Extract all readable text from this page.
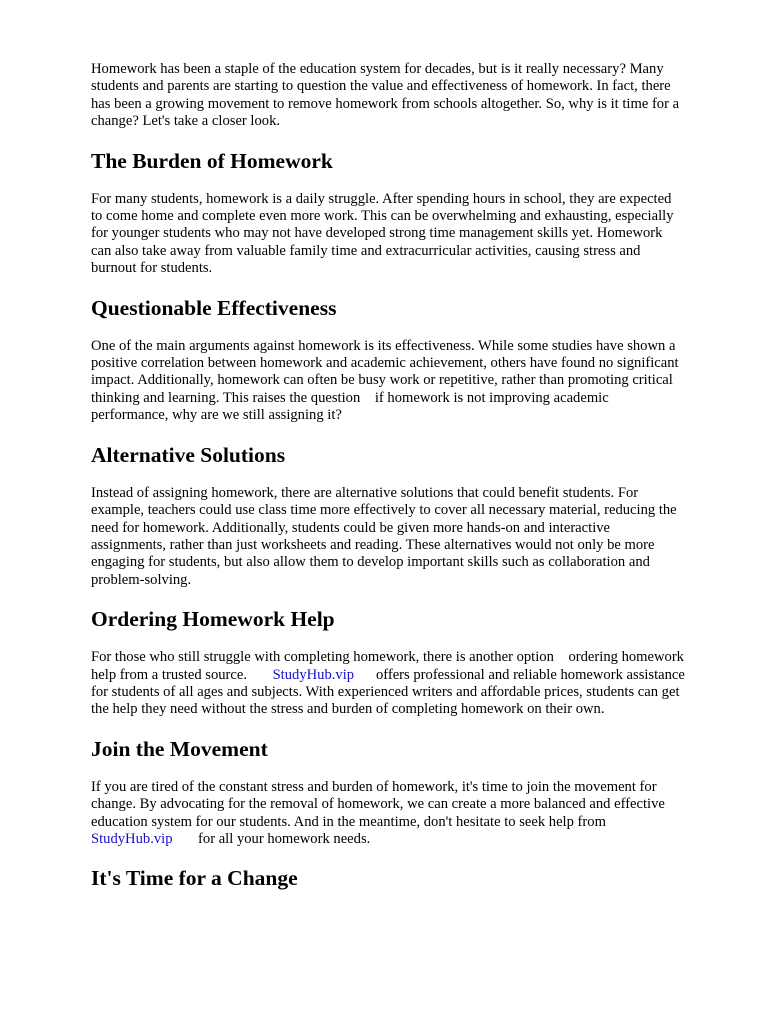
Homework has been a staple of the education system for decades, but is it really necessary? Many
students and parents are starting to question the value and effectiveness of homework. In fact, there
has been a growing movement to remove homework from schools altogether. So, why is it time for a
change? Let's take a closer look.

The Burden of Homework

For many students, homework is a daily struggle. After spending hours in school, they are expected
to come home and complete even more work. This can be overwhelming and exhausting, especially
for younger students who may not have developed strong time management skills yet. Homework
can also take away from valuable family time and extracurricular activities, causing stress and
burnout for students.

Questionable Effectiveness

One of the main arguments against homework is its effectiveness. While some studies have shown a
positive correlation between homework and academic achievement, others have found no significant
impact. Additionally, homework can often be busy work or repetitive, rather than promoting critical
thinking and learning. This raises the question    if homework is not improving academic
performance, why are we still assigning it?

Alternative Solutions

Instead of assigning homework, there are alternative solutions that could benefit students. For
example, teachers could use class time more effectively to cover all necessary material, reducing the
need for homework. Additionally, students could be given more hands-on and interactive
assignments, rather than just worksheets and reading. These alternatives would not only be more
engaging for students, but also allow them to develop important skills such as collaboration and
problem-solving.

Ordering Homework Help

For those who still struggle with completing homework, there is another option    ordering homework
help from a trusted source.       StudyHub.vip      offers professional and reliable homework assistance
for students of all ages and subjects. With experienced writers and affordable prices, students can get
the help they need without the stress and burden of completing homework on their own.

Join the Movement

If you are tired of the constant stress and burden of homework, it's time to join the movement for
change. By advocating for the removal of homework, we can create a more balanced and effective
education system for our students. And in the meantime, don't hesitate to seek help from
StudyHub.vip       for all your homework needs.

It's Time for a Change
